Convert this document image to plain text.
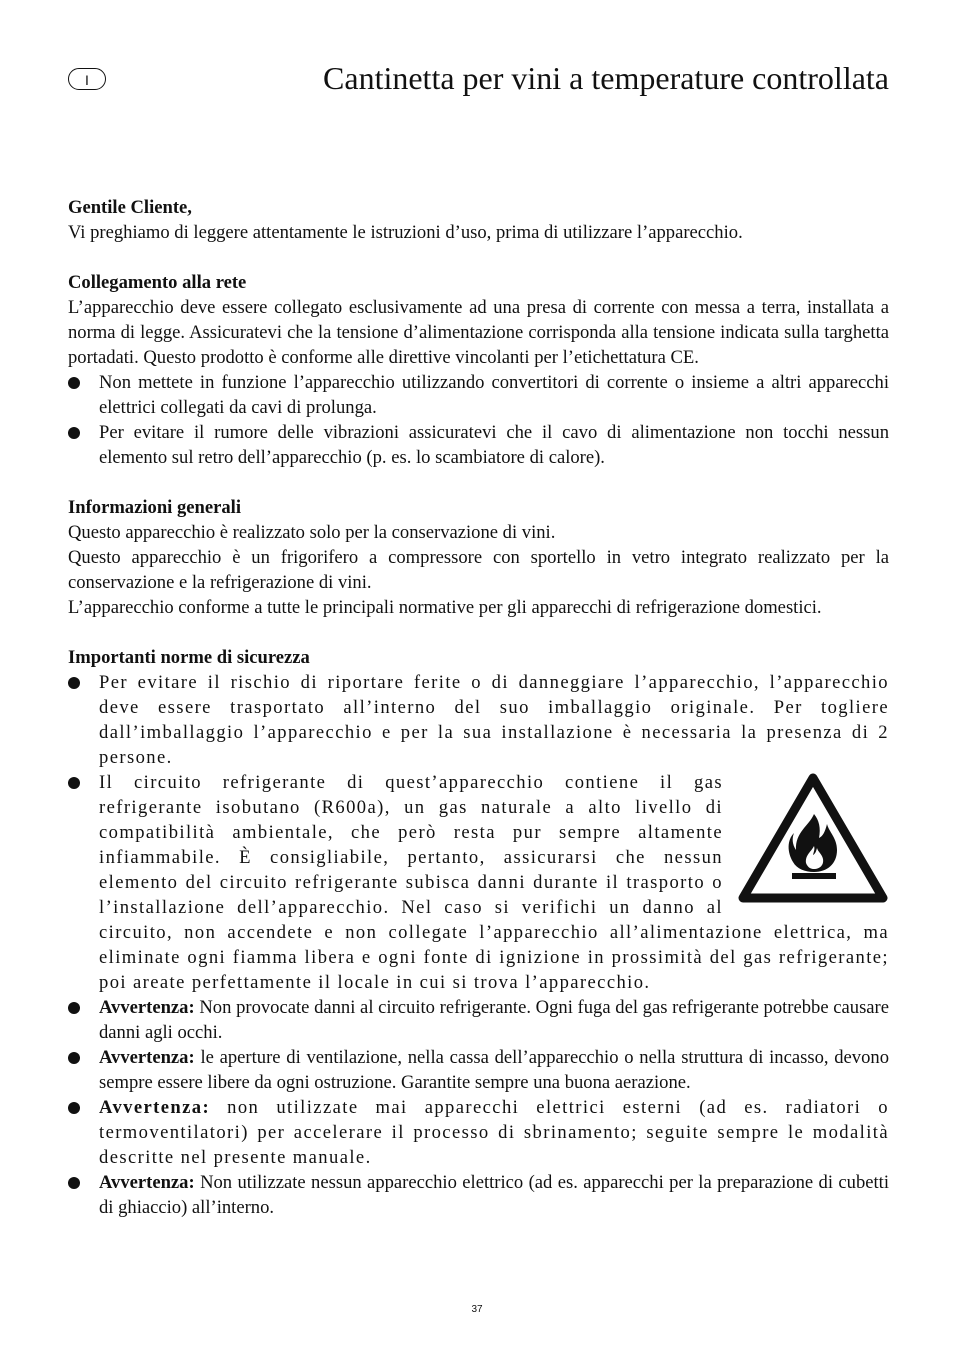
I	Cantinetta per vini a temperature controllata
Gentile Cliente,

Vi preghiamo di leggere attentamente le istruzioni d’uso, prima di utilizzare l’apparecchio.

Collegamento alla rete

L’apparecchio deve essere collegato esclusivamente ad una presa di corrente con messa a terra, installata a norma di legge. Assicuratevi che la tensione d’alimentazione corrisponda alla tensione indicata sulla targhetta portadati. Questo prodotto è conforme alle direttive vincolanti per l’etichettatura CE.

Non mettete in funzione l’apparecchio utilizzando convertitori di corrente o insieme a altri apparecchi elettrici collegati da cavi di prolunga.
Per evitare il rumore delle vibrazioni assicuratevi che il cavo di alimentazione non tocchi nessun elemento sul retro dell’apparecchio (p. es. lo scambiatore di calore).
Informazioni generali

Questo apparecchio è realizzato solo per la conservazione di vini.

Questo apparecchio è un frigorifero a compressore con sportello in vetro integrato realizzato per la conservazione e la refrigerazione di vini.

L’apparecchio conforme a tutte le principali normative per gli apparecchi di refrigerazione domestici.

Importanti norme di sicurezza
Per evitare il rischio di riportare ferite o di danneggiare l’apparecchio, l’apparecchio deve essere trasportato all’interno del suo imballaggio originale. Per togliere dall’imballaggio l’apparecchio e per la sua installazione è necessaria la presenza di 2 persone.
Il circuito refrigerante di quest’apparecchio contiene il gas refrigerante isobutano (R600a), un gas naturale a alto livello di compatibilità ambientale, che però resta pur sempre altamente infiammabile. È consigliabile, pertanto, assicurarsi che nessun elemento del circuito refrigerante subisca danni durante il trasporto o l’installazione dell’apparecchio. Nel caso si verifichi un danno al circuito, non accendete e non collegate l’apparecchio all’alimentazione elettrica, ma eliminate ogni fiamma libera e ogni fonte di ignizione in prossimità del gas refrigerante; poi areate perfettamente il locale in cui si trova l’apparecchio.
Avvertenza: Non provocate danni al circuito refrigerante. Ogni fuga del gas refrigerante potrebbe causare danni agli occhi.
Avvertenza: le aperture di ventilazione, nella cassa dell’apparecchio o nella struttura di incasso, devono sempre essere libere da ogni ostruzione. Garantite sempre una buona aerazione.
Avvertenza: non utilizzate mai apparecchi elettrici esterni (ad es. radiatori o termoventilatori) per accelerare il processo di sbrinamento; seguite sempre le modalità descritte nel presente manuale.
Avvertenza: Non utilizzate nessun apparecchio elettrico (ad es. apparecchi per la preparazione di cubetti di ghiaccio) all’interno.
37
